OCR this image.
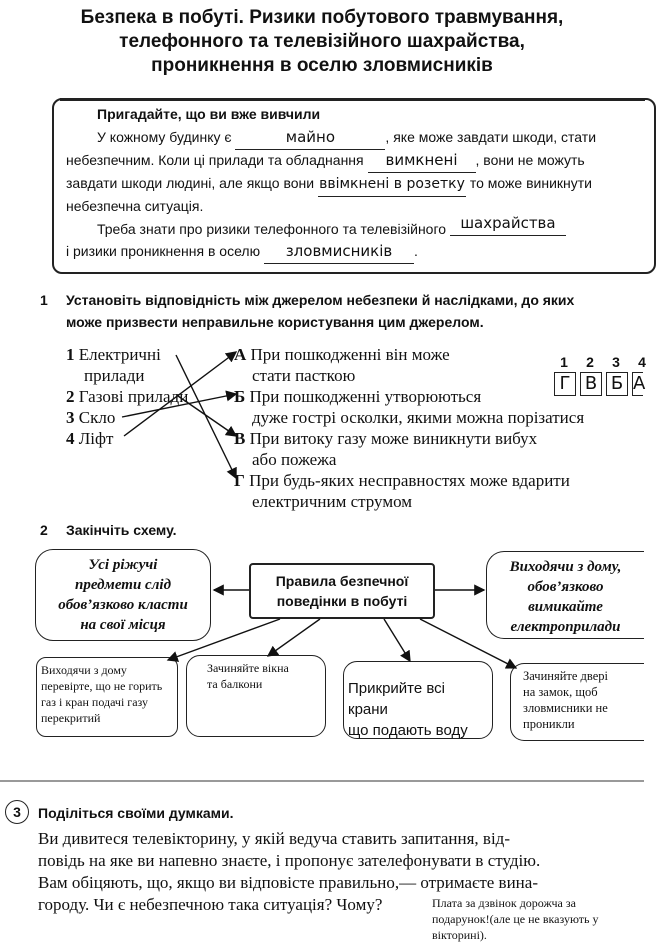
Безпека в побуті. Ризики побутового травмування,
телефонного та телевізійного шахрайства,
проникнення в оселю зловмисників
Пригадайте, що ви вже вивчили
У кожному будинку є	майно	, яке може завдати шкоди, стати
небезпечним. Коли ці прилади та обладнання вимкнені , вони не можуть
завдати шкоди людині, але якщо вони ввімкнені в розетку то може виникнути
небезпечна ситуація.
Треба знати про ризики телефонного та телевізійного шахрайства
і ризики проникнення в оселю зловмисників .
1 Установіть відповідність між джерелом небезпеки й наслідками, до яких
може призвести неправильне користування цим джерелом.
1 Електричні
прилади
2 Газові прилади
3 Скло
4 Ліфт
А При пошкодженні він може
стати пасткою
Б При пошкодженні утворюються
дуже гострі осколки, якими можна порізатися
В При витоку газу може виникнути вибух
або пожежа
Г При будь-яких несправностях може вдарити
електричним струмом
1	2	3	4
Г В Б А
2 Закінчіть схему.
Усі ріжучі
предмети слід
обов’язково класти
на свої місця
Правила безпечної
поведінки в побуті
Виходячи з дому,
обов’язково
вимикайте
електроприлади
Виходячи з дому
перевірте, що не горить
газ і кран подачі газу
перекритий
Зачиняйте вікна
та балкони	Прикрийте всі крани
що подають воду
Зачиняйте двері
на замок, щоб
зловмисники не
проникли
3	Поділіться своїми думками.
Ви дивитеся телевікторину, у якій ведуча ставить запитання, від-
повідь на яке ви напевно знаєте, і пропонує зателефонувати в студію.
Вам обіцяють, що, якщо ви відповісте правильно,— отримаєте вина-
городу. Чи є небезпечною така ситуація? Чому?	Плата за дзвінок дорожча за
подарунок!(але це не вказують у
вікторині).
